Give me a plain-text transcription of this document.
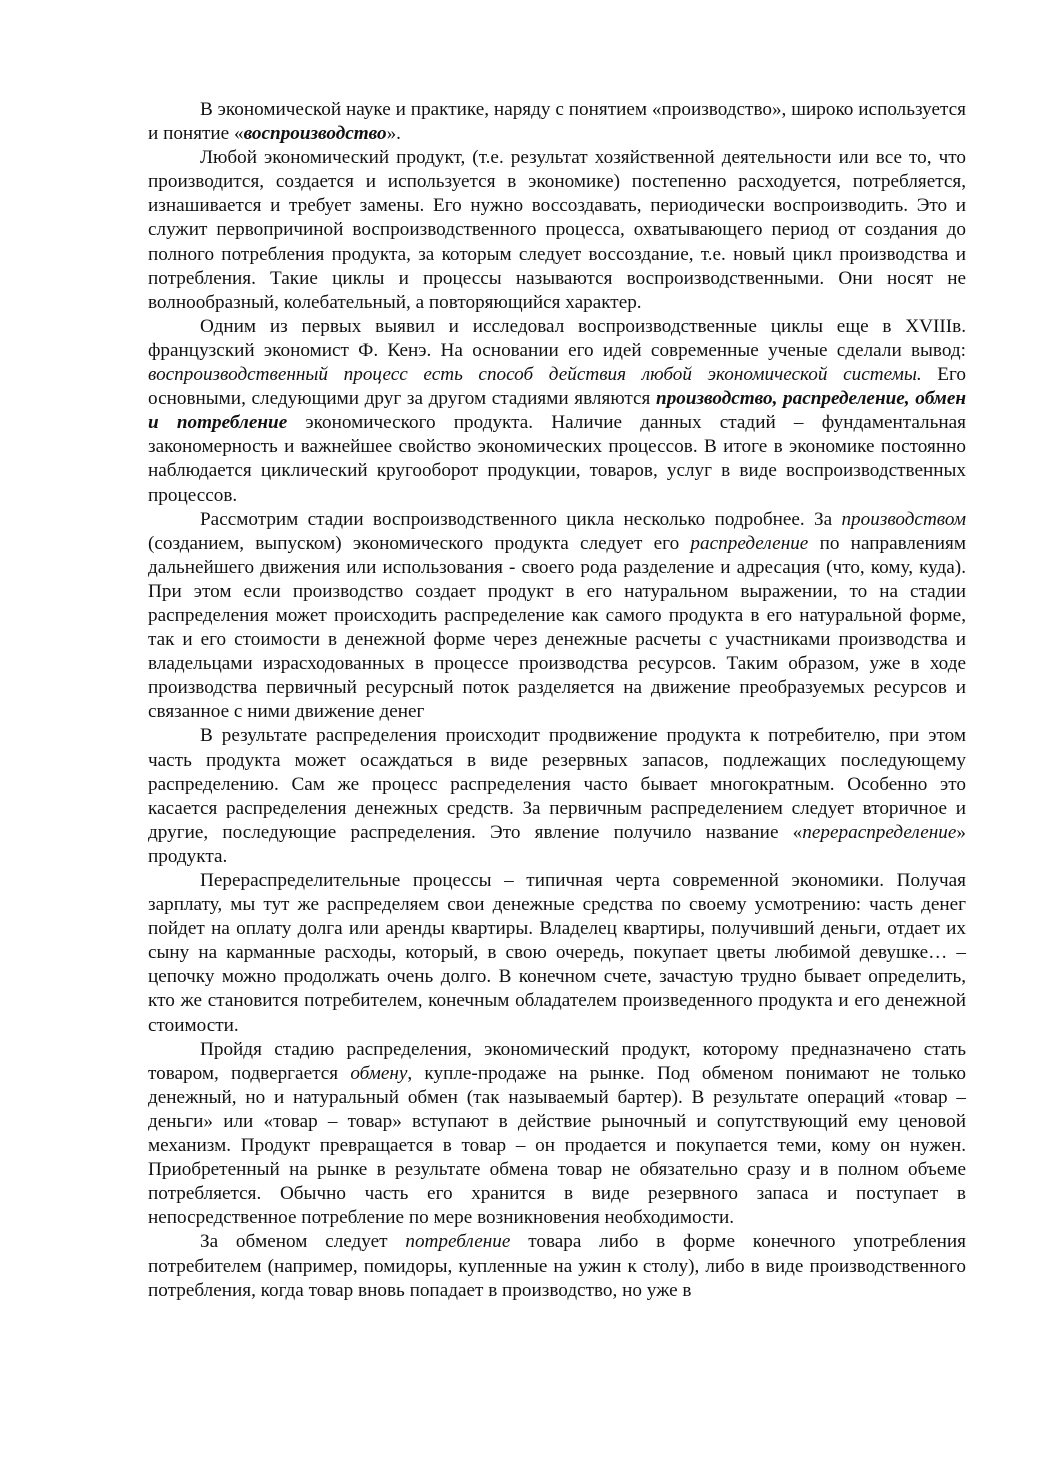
В экономической науке и практике, наряду с понятием «производство», широко используется и понятие «воспроизводство».

Любой экономический продукт, (т.е. результат хозяйственной деятельности или все то, что производится, создается и используется в экономике) постепенно расходуется, потребляется, изнашивается и требует замены. Его нужно воссоздавать, периодически воспроизводить. Это и служит первопричиной воспроизводственного процесса, охватывающего период от создания до полного потребления продукта, за которым следует воссоздание, т.е. новый цикл производства и потребления. Такие циклы и процессы называются воспроизводственными. Они носят не волнообразный, колебательный, а повторяющийся характер.

Одним из первых выявил и исследовал воспроизводственные циклы еще в XVIIIв. французский экономист Ф. Кенэ. На основании его идей современные ученые сделали вывод: воспроизводственный процесс есть способ действия любой экономической системы. Его основными, следующими друг за другом стадиями являются производство, распределение, обмен и потребление экономического продукта. Наличие данных стадий – фундаментальная закономерность и важнейшее свойство экономических процессов. В итоге в экономике постоянно наблюдается циклический кругооборот продукции, товаров, услуг в виде воспроизводственных процессов.

Рассмотрим стадии воспроизводственного цикла несколько подробнее. За производством (созданием, выпуском) экономического продукта следует его распределение по направлениям дальнейшего движения или использования - своего рода разделение и адресация (что, кому, куда). При этом если производство создает продукт в его натуральном выражении, то на стадии распределения может происходить распределение как самого продукта в его натуральной форме, так и его стоимости в денежной форме через денежные расчеты с участниками производства и владельцами израсходованных в процессе производства ресурсов. Таким образом, уже в ходе производства первичный ресурсный поток разделяется на движение преобразуемых ресурсов и связанное с ними движение денег

В результате распределения происходит продвижение продукта к потребителю, при этом часть продукта может осаждаться в виде резервных запасов, подлежащих последующему распределению. Сам же процесс распределения часто бывает многократным. Особенно это касается распределения денежных средств. За первичным распределением следует вторичное и другие, последующие распределения. Это явление получило название «перераспределение» продукта.

Перераспределительные процессы – типичная черта современной экономики. Получая зарплату, мы тут же распределяем свои денежные средства по своему усмотрению: часть денег пойдет на оплату долга или аренды квартиры. Владелец квартиры, получивший деньги, отдает их сыну на карманные расходы, который, в свою очередь, покупает цветы любимой девушке… – цепочку можно продолжать очень долго. В конечном счете, зачастую трудно бывает определить, кто же становится потребителем, конечным обладателем произведенного продукта и его денежной стоимости.

Пройдя стадию распределения, экономический продукт, которому предназначено стать товаром, подвергается обмену, купле-продаже на рынке. Под обменом понимают не только денежный, но и натуральный обмен (так называемый бартер). В результате операций «товар – деньги» или «товар – товар» вступают в действие рыночный и сопутствующий ему ценовой механизм. Продукт превращается в товар – он продается и покупается теми, кому он нужен. Приобретенный на рынке в результате обмена товар не обязательно сразу и в полном объеме потребляется. Обычно часть его хранится в виде резервного запаса и поступает в непосредственное потребление по мере возникновения необходимости.

За обменом следует потребление товара либо в форме конечного употребления потребителем (например, помидоры, купленные на ужин к столу), либо в виде производственного потребления, когда товар вновь попадает в производство, но уже в
